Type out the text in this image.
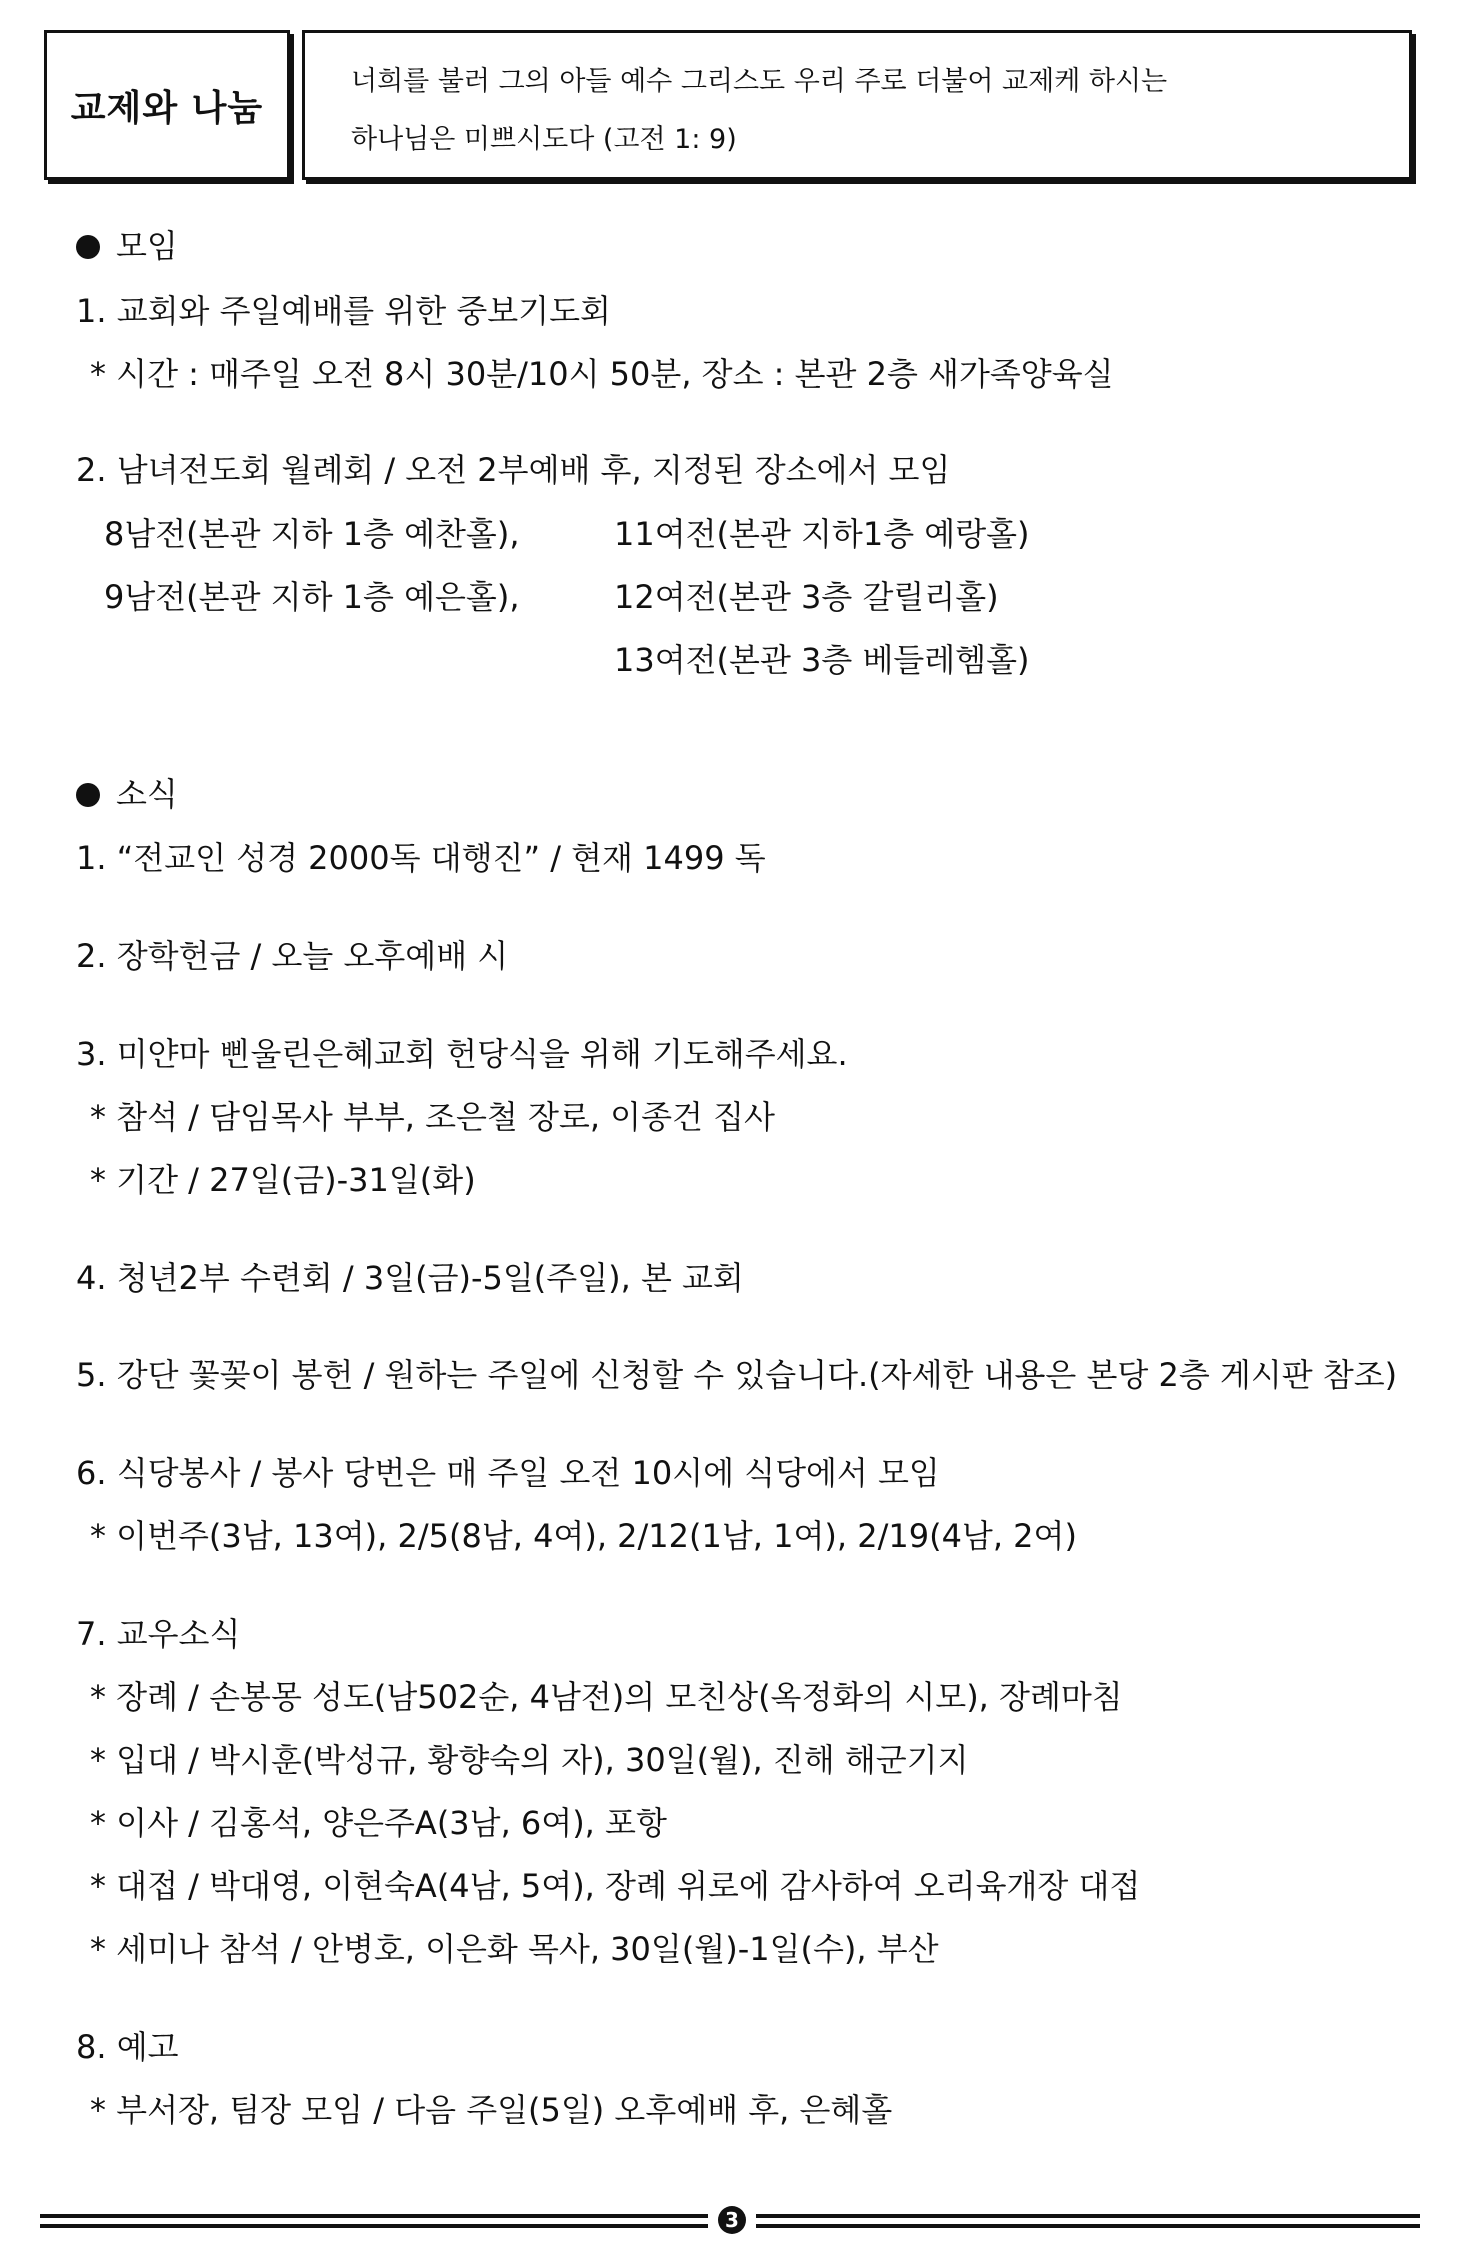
교제와 나눔
너희를 불러 그의 아들 예수 그리스도 우리 주로 더불어 교제케 하시는
하나님은 미쁘시도다 (고전 1: 9)
모임
1. 교회와 주일예배를 위한 중보기도회
* 시간 : 매주일 오전 8시 30분/10시 50분, 장소 : 본관 2층 새가족양육실
2. 남녀전도회 월례회 / 오전 2부예배 후, 지정된 장소에서 모임
8남전(본관 지하 1층 예찬홀),	11여전(본관 지하1층 예랑홀)
9남전(본관 지하 1층 예은홀),	12여전(본관 3층 갈릴리홀)
13여전(본관 3층 베들레헴홀)
소식
1. “전교인 성경 2000독 대행진” / 현재 1499 독
2. 장학헌금 / 오늘 오후예배 시
3. 미얀마 삔울린은혜교회 헌당식을 위해 기도해주세요.
* 참석 / 담임목사 부부, 조은철 장로, 이종건 집사
* 기간 / 27일(금)-31일(화)
4. 청년2부 수련회 / 3일(금)-5일(주일), 본 교회
5. 강단 꽃꽂이 봉헌 / 원하는 주일에 신청할 수 있습니다.(자세한 내용은 본당 2층 게시판 참조)
6. 식당봉사 / 봉사 당번은 매 주일 오전 10시에 식당에서 모임
* 이번주(3남, 13여), 2/5(8남, 4여), 2/12(1남, 1여), 2/19(4남, 2여)
7. 교우소식
* 장례 / 손봉몽 성도(남502순, 4남전)의 모친상(옥정화의 시모), 장례마침
* 입대 / 박시훈(박성규, 황향숙의 자), 30일(월), 진해 해군기지
* 이사 / 김홍석, 양은주A(3남, 6여), 포항
* 대접 / 박대영, 이현숙A(4남, 5여), 장례 위로에 감사하여 오리육개장 대접
* 세미나 참석 / 안병호, 이은화 목사, 30일(월)-1일(수), 부산
8. 예고
* 부서장, 팀장 모임 / 다음 주일(5일) 오후예배 후, 은혜홀
3
